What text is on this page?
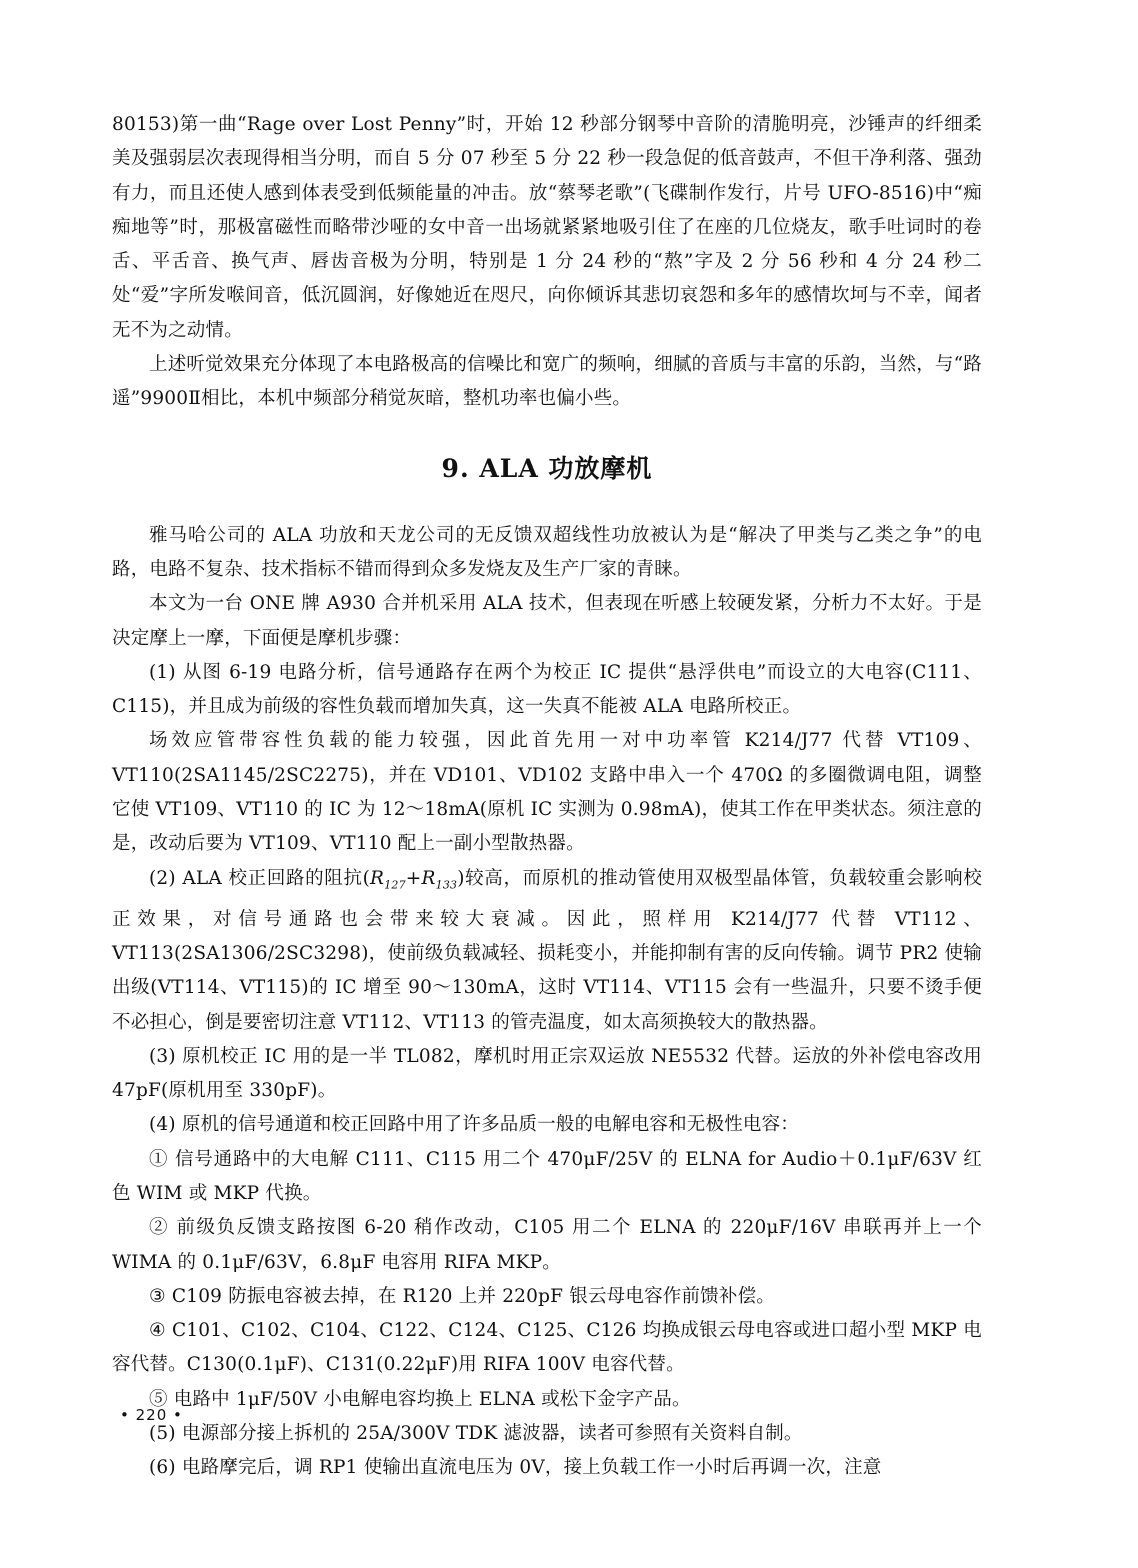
80153)第一曲“Rage over Lost Penny”时，开始 12 秒部分钢琴中音阶的清脆明亮，沙锤声的纤细柔美及强弱层次表现得相当分明，而自 5 分 07 秒至 5 分 22 秒一段急促的低音鼓声，不但干净利落、强劲有力，而且还使人感到体表受到低频能量的冲击。放“蔡琴老歌”(飞碟制作发行，片号 UFO-8516)中“痴痴地等”时，那极富磁性而略带沙哑的女中音一出场就紧紧地吸引住了在座的几位烧友，歌手吐词时的卷舌、平舌音、换气声、唇齿音极为分明，特别是 1 分 24 秒的“熬”字及 2 分 56 秒和 4 分 24 秒二处“爱”字所发喉间音，低沉圆润，好像她近在咫尺，向你倾诉其悲切哀怨和多年的感情坎坷与不幸，闻者无不为之动情。

上述听觉效果充分体现了本电路极高的信噪比和宽广的频响，细腻的音质与丰富的乐韵，当然，与“路遥”9900Ⅱ相比，本机中频部分稍觉灰暗，整机功率也偏小些。

9. ALA 功放摩机

雅马哈公司的 ALA 功放和天龙公司的无反馈双超线性功放被认为是“解决了甲类与乙类之争”的电路，电路不复杂、技术指标不错而得到众多发烧友及生产厂家的青睐。

本文为一台 ONE 牌 A930 合并机采用 ALA 技术，但表现在听感上较硬发紧，分析力不太好。于是决定摩上一摩，下面便是摩机步骤：

(1) 从图 6-19 电路分析，信号通路存在两个为校正 IC 提供“悬浮供电”而设立的大电容(C111、C115)，并且成为前级的容性负载而增加失真，这一失真不能被 ALA 电路所校正。

场效应管带容性负载的能力较强，因此首先用一对中功率管 K214/J77 代替 VT109、VT110(2SA1145/2SC2275)，并在 VD101、VD102 支路中串入一个 470Ω 的多圈微调电阻，调整它使 VT109、VT110 的 IC 为 12～18mA(原机 IC 实测为 0.98mA)，使其工作在甲类状态。须注意的是，改动后要为 VT109、VT110 配上一副小型散热器。

(2) ALA 校正回路的阻抗$(R_{127}+R_{133})$较高，而原机的推动管使用双极型晶体管，负载较重会影响校正效果，对信号通路也会带来较大衰减。因此，照样用 K214/J77 代替 VT112、VT113(2SA1306/2SC3298)，使前级负载减轻、损耗变小，并能抑制有害的反向传输。调节 PR2 使输出级(VT114、VT115)的 IC 增至 90～130mA，这时 VT114、VT115 会有一些温升，只要不烫手便不必担心，倒是要密切注意 VT112、VT113 的管壳温度，如太高须换较大的散热器。

(3) 原机校正 IC 用的是一半 TL082，摩机时用正宗双运放 NE5532 代替。运放的外补偿电容改用 47pF(原机用至 330pF)。

(4) 原机的信号通道和校正回路中用了许多品质一般的电解电容和无极性电容：

① 信号通路中的大电解 C111、C115 用二个 470μF/25V 的 ELNA for Audio＋0.1μF/63V 红色 WIM 或 MKP 代换。

② 前级负反馈支路按图 6-20 稍作改动，C105 用二个 ELNA 的 220μF/16V 串联再并上一个 WIMA 的 0.1μF/63V，6.8μF 电容用 RIFA MKP。

③ C109 防振电容被去掉，在 R120 上并 220pF 银云母电容作前馈补偿。

④ C101、C102、C104、C122、C124、C125、C126 均换成银云母电容或进口超小型 MKP 电容代替。C130(0.1μF)、C131(0.22μF)用 RIFA 100V 电容代替。

⑤ 电路中 1μF/50V 小电解电容均换上 ELNA 或松下金字产品。

(5) 电源部分接上拆机的 25A/300V TDK 滤波器，读者可参照有关资料自制。

(6) 电路摩完后，调 RP1 使输出直流电压为 0V，接上负载工作一小时后再调一次，注意

• 220 •
